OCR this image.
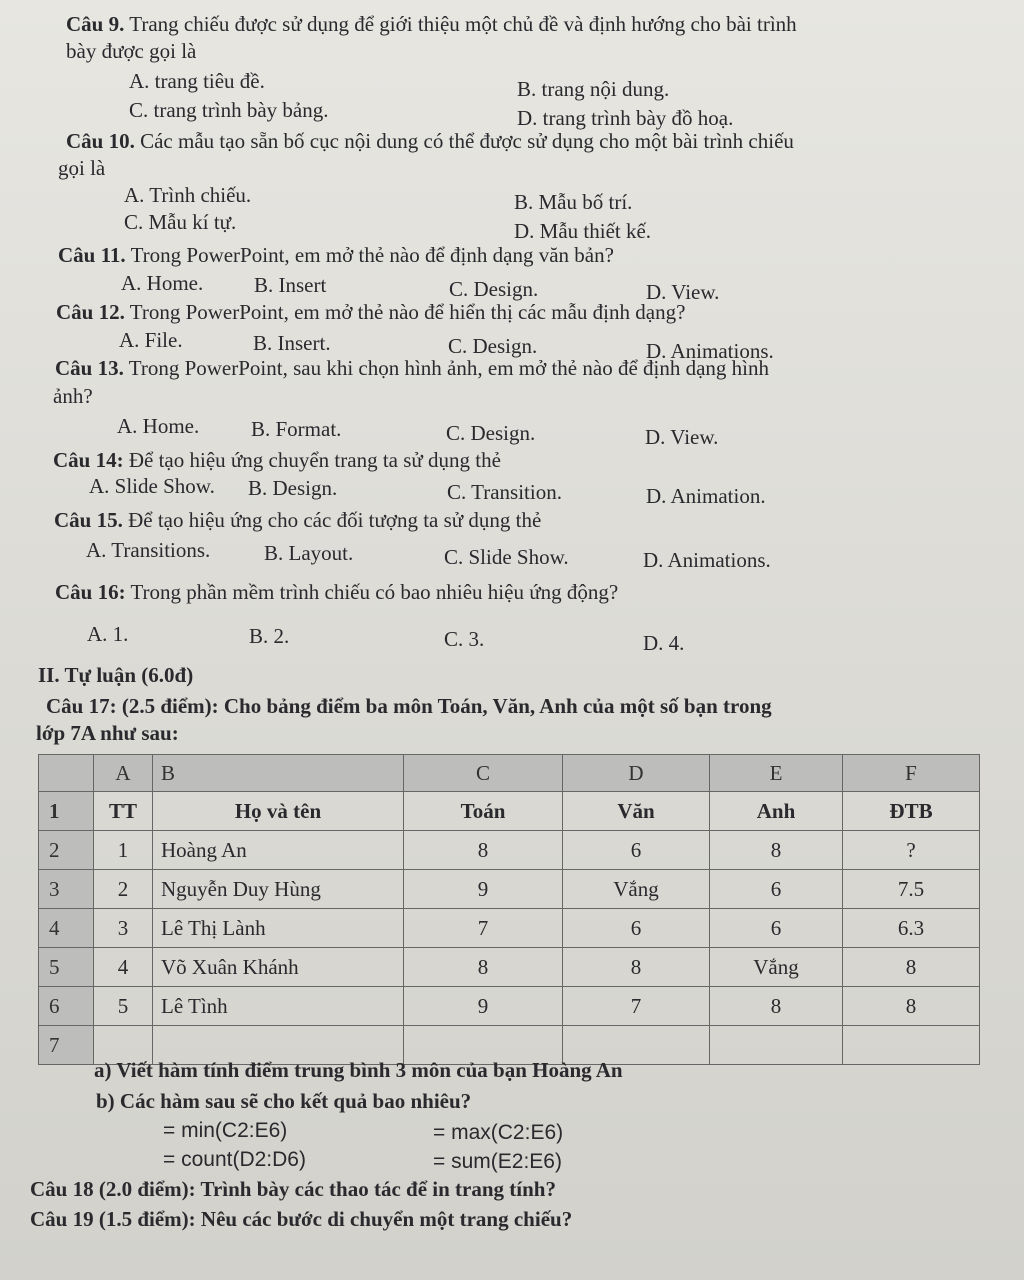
Câu 9. Trang chiếu được sử dụng để giới thiệu một chủ đề và định hướng cho bài trình
bày được gọi là
A. trang tiêu đề.	B. trang nội dung.
C. trang trình bày bảng.	D. trang trình bày đồ hoạ.
Câu 10. Các mẫu tạo sẵn bố cục nội dung có thể được sử dụng cho một bài trình chiếu
gọi là
A. Trình chiếu.	B. Mẫu bố trí.
C. Mẫu kí tự.	D. Mẫu thiết kế.
Câu 11. Trong PowerPoint, em mở thẻ nào để định dạng văn bản?
A. Home. B. Insert	C. Design.	D. View.
Câu 12. Trong PowerPoint, em mở thẻ nào để hiển thị các mẫu định dạng?
A. File.	B. Insert.	C. Design.	D. Animations.
Câu 13. Trong PowerPoint, sau khi chọn hình ảnh, em mở thẻ nào để định dạng hình
ảnh?
A. Home. B. Format.	C. Design.	D. View.
Câu 14: Để tạo hiệu ứng chuyển trang ta sử dụng thẻ
A. Slide Show. B. Design.	C. Transition.	D. Animation.
Câu 15. Để tạo hiệu ứng cho các đối tượng ta sử dụng thẻ
A. Transitions.	B. Layout.	C. Slide Show.	D. Animations.
Câu 16: Trong phần mềm trình chiếu có bao nhiêu hiệu ứng động?
A. 1.	B. 2.	C. 3.	D. 4.
II. Tự luận (6.0đ)
Câu 17: (2.5 điểm): Cho bảng điểm ba môn Toán, Văn, Anh của một số bạn trong
lớp 7A như sau:
	A	B	C	D	E	F
1	TT	Họ và tên	Toán	Văn	Anh	ĐTB
2	1	Hoàng An	8	6	8	?
3	2	Nguyễn Duy Hùng	9	Vắng	6	7.5
4	3	Lê Thị Lành	7	6	6	6.3
5	4	Võ Xuân Khánh	8	8	Vắng	8
6	5	Lê Tình	9	7	8	8
7						
a) Viết hàm tính điểm trung bình 3 môn của bạn Hoàng An
b) Các hàm sau sẽ cho kết quả bao nhiêu?
= min(C2:E6)	= max(C2:E6)
= count(D2:D6)	= sum(E2:E6)
Câu 18 (2.0 điểm): Trình bày các thao tác để in trang tính?
Câu 19 (1.5 điểm): Nêu các bước di chuyển một trang chiếu?
